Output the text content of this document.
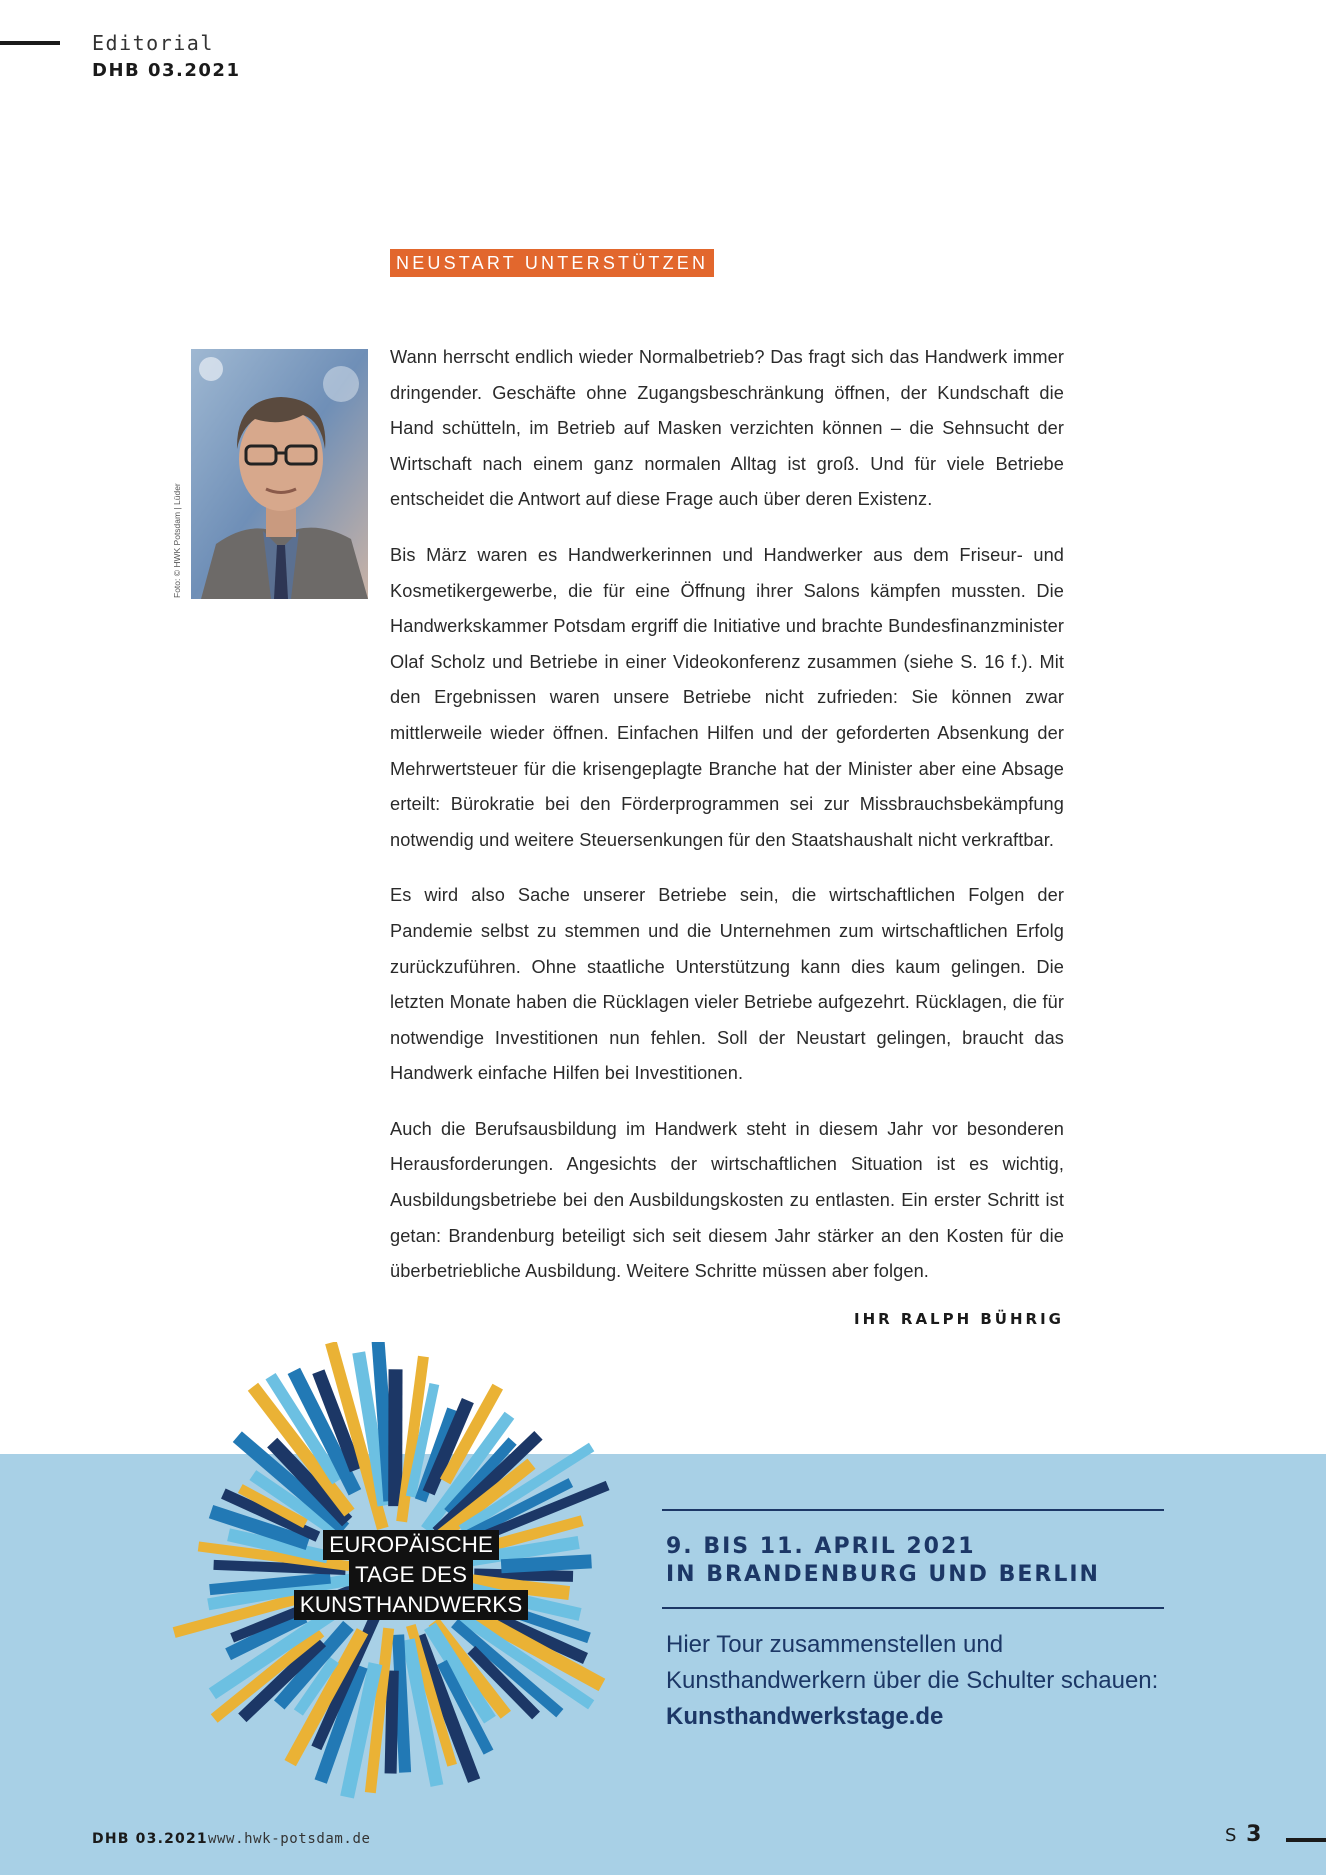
Editorial
DHB 03.2021
NEUSTART UNTERSTÜTZEN
Foto: © HWK Potsdam | Lüder

Wann herrscht endlich wieder Normalbetrieb? Das fragt sich das Handwerk immer dringender. Geschäfte ohne Zugangsbeschränkung öffnen, der Kundschaft die Hand schütteln, im Betrieb auf Masken verzichten können – die Sehnsucht der Wirtschaft nach einem ganz normalen Alltag ist groß. Und für viele Betriebe entscheidet die Antwort auf diese Frage auch über deren Existenz.

Bis März waren es Handwerkerinnen und Handwerker aus dem Friseur- und Kosmetikergewerbe, die für eine Öffnung ihrer Salons kämpfen mussten. Die Handwerkskammer Potsdam ergriff die Initiative und brachte Bundesfinanzminister Olaf Scholz und Betriebe in einer Videokonferenz zusammen (siehe S. 16 f.). Mit den Ergebnissen waren unsere Betriebe nicht zufrieden: Sie können zwar mittlerweile wieder öffnen. Einfachen Hilfen und der geforderten Absenkung der Mehrwertsteuer für die krisengeplagte Branche hat der Minister aber eine Absage erteilt: Bürokratie bei den Förderprogrammen sei zur Missbrauchsbekämpfung notwendig und weitere Steuersenkungen für den Staatshaushalt nicht verkraftbar.

Es wird also Sache unserer Betriebe sein, die wirtschaftlichen Folgen der Pandemie selbst zu stemmen und die Unternehmen zum wirtschaftlichen Erfolg zurückzuführen. Ohne staatliche Unterstützung kann dies kaum gelingen. Die letzten Monate haben die Rücklagen vieler Betriebe aufgezehrt. Rücklagen, die für notwendige Investitionen nun fehlen. Soll der Neustart gelingen, braucht das Handwerk einfache Hilfen bei Investitionen.

Auch die Berufsausbildung im Handwerk steht in diesem Jahr vor besonderen Herausforderungen. Angesichts der wirtschaftlichen Situation ist es wichtig, Ausbildungsbetriebe bei den Ausbildungskosten zu entlasten. Ein erster Schritt ist getan: Brandenburg beteiligt sich seit diesem Jahr stärker an den Kosten für die überbetriebliche Ausbildung. Weitere Schritte müssen aber folgen.

IHR RALPH BÜHRIG
EUROPÄISCHE
TAGE DES
KUNSTHANDWERKS
9. BIS 11. APRIL 2021
IN BRANDENBURG UND BERLIN
Hier Tour zusammenstellen und
Kunsthandwerkern über die Schulter schauen:
Kunsthandwerkstage.de
DHB 03.2021 www.hwk-potsdam.de	S 3
